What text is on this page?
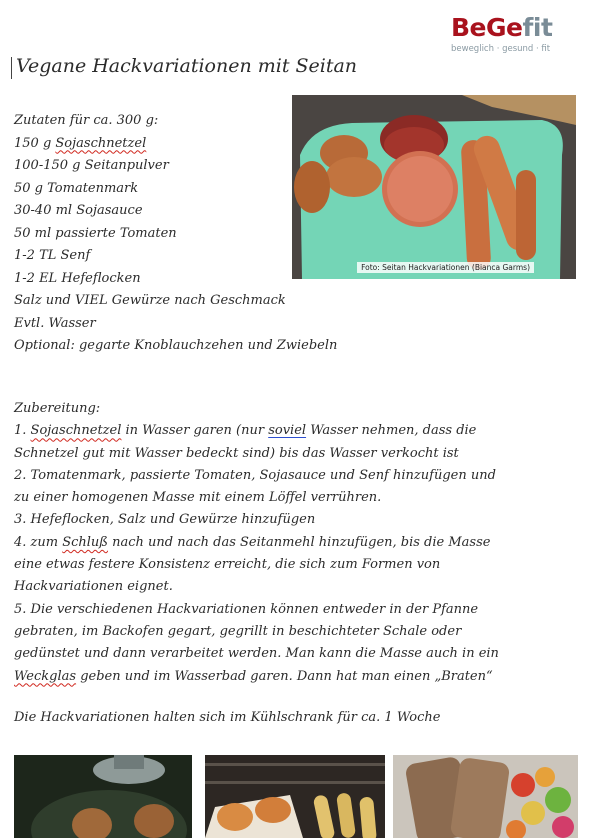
BeGefit
beweglich · gesund · fit
Vegane Hackvariationen mit Seitan
Zutaten für ca. 300 g:
150 g Sojaschnetzel
100-150 g Seitanpulver
50 g Tomatenmark
30-40 ml Sojasauce
50 ml passierte Tomaten
1-2 TL Senf
1-2 EL Hefeflocken
Salz und VIEL Gewürze nach Geschmack
Evtl. Wasser
Optional: gegarte Knoblauchzehen und Zwiebeln
Foto: Seitan Hackvariationen (Bianca Garms)
Zubereitung:
1. Sojaschnetzel in Wasser garen (nur soviel Wasser nehmen, dass die
Schnetzel gut mit Wasser bedeckt sind) bis das Wasser verkocht ist
2. Tomatenmark, passierte Tomaten, Sojasauce und Senf hinzufügen und
zu einer homogenen Masse mit einem Löffel verrühren.
3. Hefeflocken, Salz und Gewürze hinzufügen
4. zum Schluß nach und nach das Seitanmehl hinzufügen, bis die Masse
eine etwas festere Konsistenz erreicht, die sich zum Formen von
Hackvariationen eignet.
5. Die verschiedenen Hackvariationen können entweder in der Pfanne
gebraten, im Backofen gegart, gegrillt in beschichteter Schale oder
gedünstet und dann verarbeitet werden. Man kann die Masse auch in ein
Weckglas geben und im Wasserbad garen. Dann hat man einen „Braten“
Die Hackvariationen halten sich im Kühlschrank für ca. 1 Woche
